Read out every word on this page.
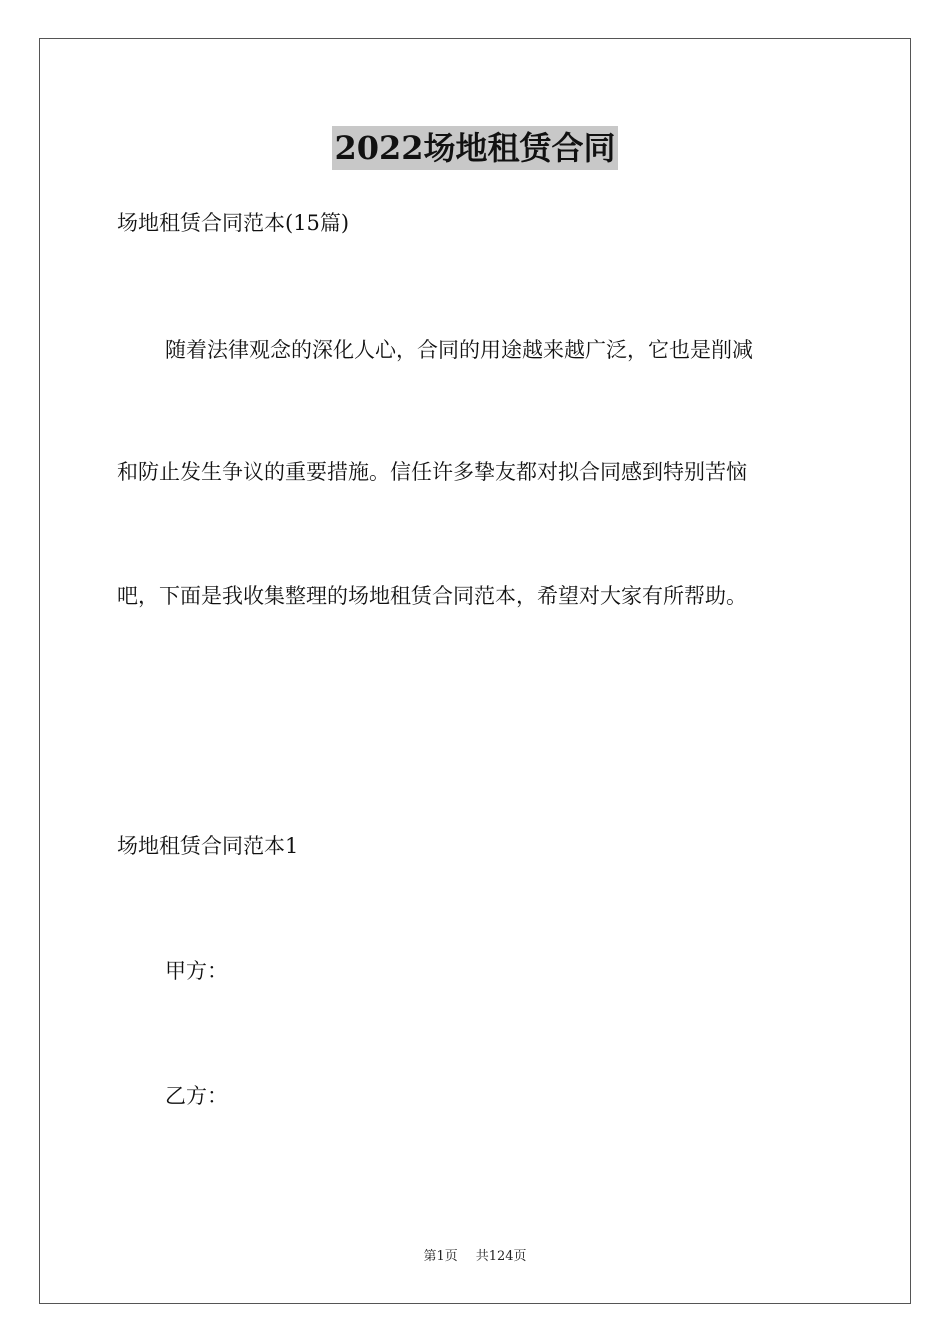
2022场地租赁合同
场地租赁合同范本(15篇)
随着法律观念的深化人心，合同的用途越来越广泛，它也是削减
和防止发生争议的重要措施。信任许多挚友都对拟合同感到特别苦恼
吧，下面是我收集整理的场地租赁合同范本，希望对大家有所帮助。
场地租赁合同范本1
甲方：
乙方：
第1页 共124页
